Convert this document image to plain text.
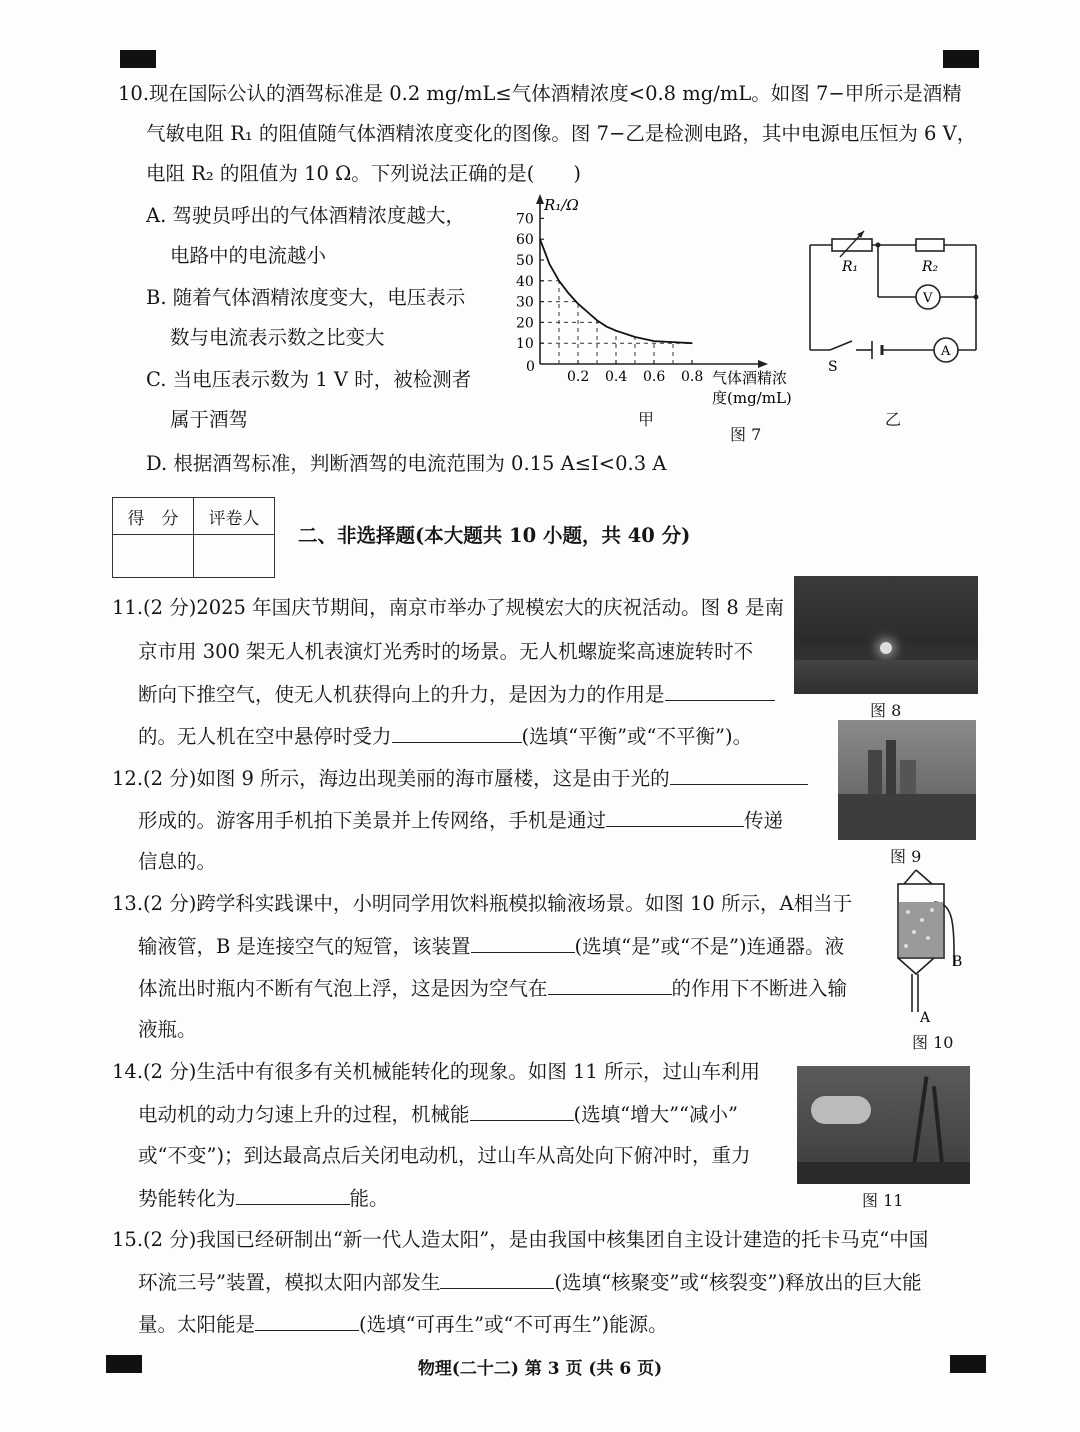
10.现在国际公认的酒驾标准是 0.2 mg/mL≤气体酒精浓度<0.8 mg/mL。如图 7−甲所示是酒精
气敏电阻 R₁ 的阻值随气体酒精浓度变化的图像。图 7−乙是检测电路，其中电源电压恒为 6 V，
电阻 R₂ 的阻值为 10 Ω。下列说法正确的是(　　)
A. 驾驶员呼出的气体酒精浓度越大，
电路中的电流越小
B. 随着气体酒精浓度变大，电压表示
数与电流表示数之比变大
C. 当电压表示数为 1 V 时，被检测者
属于酒驾
D. 根据酒驾标准，判断酒驾的电流范围为 0.15 A≤I<0.3 A
0.2 0.4 0.6 0.8
10
20
30
40
50
60
70
R₁/Ω
气体酒精浓
度(mg/mL)
0
甲
图 7
R₁	R₂
V
A
S
乙
得　分	评卷人

二、非选择题(本大题共 10 小题，共 40 分)
11.(2 分)2025 年国庆节期间，南京市举办了规模宏大的庆祝活动。图 8 是南
京市用 300 架无人机表演灯光秀时的场景。无人机螺旋桨高速旋转时不
断向下推空气，使无人机获得向上的升力，是因为力的作用是
的。无人机在空中悬停时受力	(选填“平衡”或“不平衡”)。
图 8
12.(2 分)如图 9 所示，海边出现美丽的海市蜃楼，这是由于光的
形成的。游客用手机拍下美景并上传网络，手机是通过	传递
信息的。	图 9
13.(2 分)跨学科实践课中，小明同学用饮料瓶模拟输液场景。如图 10 所示，A相当于
输液管，B 是连接空气的短管，该装置	(选填“是”或“不是”)连通器。液
体流出时瓶内不断有气泡上浮，这是因为空气在	的作用下不断进入输
液瓶。
B
A
图 10
14.(2 分)生活中有很多有关机械能转化的现象。如图 11 所示，过山车利用
电动机的动力匀速上升的过程，机械能	(选填“增大”“减小”
或“不变”)；到达最高点后关闭电动机，过山车从高处向下俯冲时，重力
势能转化为	能。	图 11
15.(2 分)我国已经研制出“新一代人造太阳”，是由我国中核集团自主设计建造的托卡马克“中国
环流三号”装置，模拟太阳内部发生	(选填“核聚变”或“核裂变”)释放出的巨大能
量。太阳能是	(选填“可再生”或“不可再生”)能源。
物理(二十二) 第 3 页 (共 6 页)
